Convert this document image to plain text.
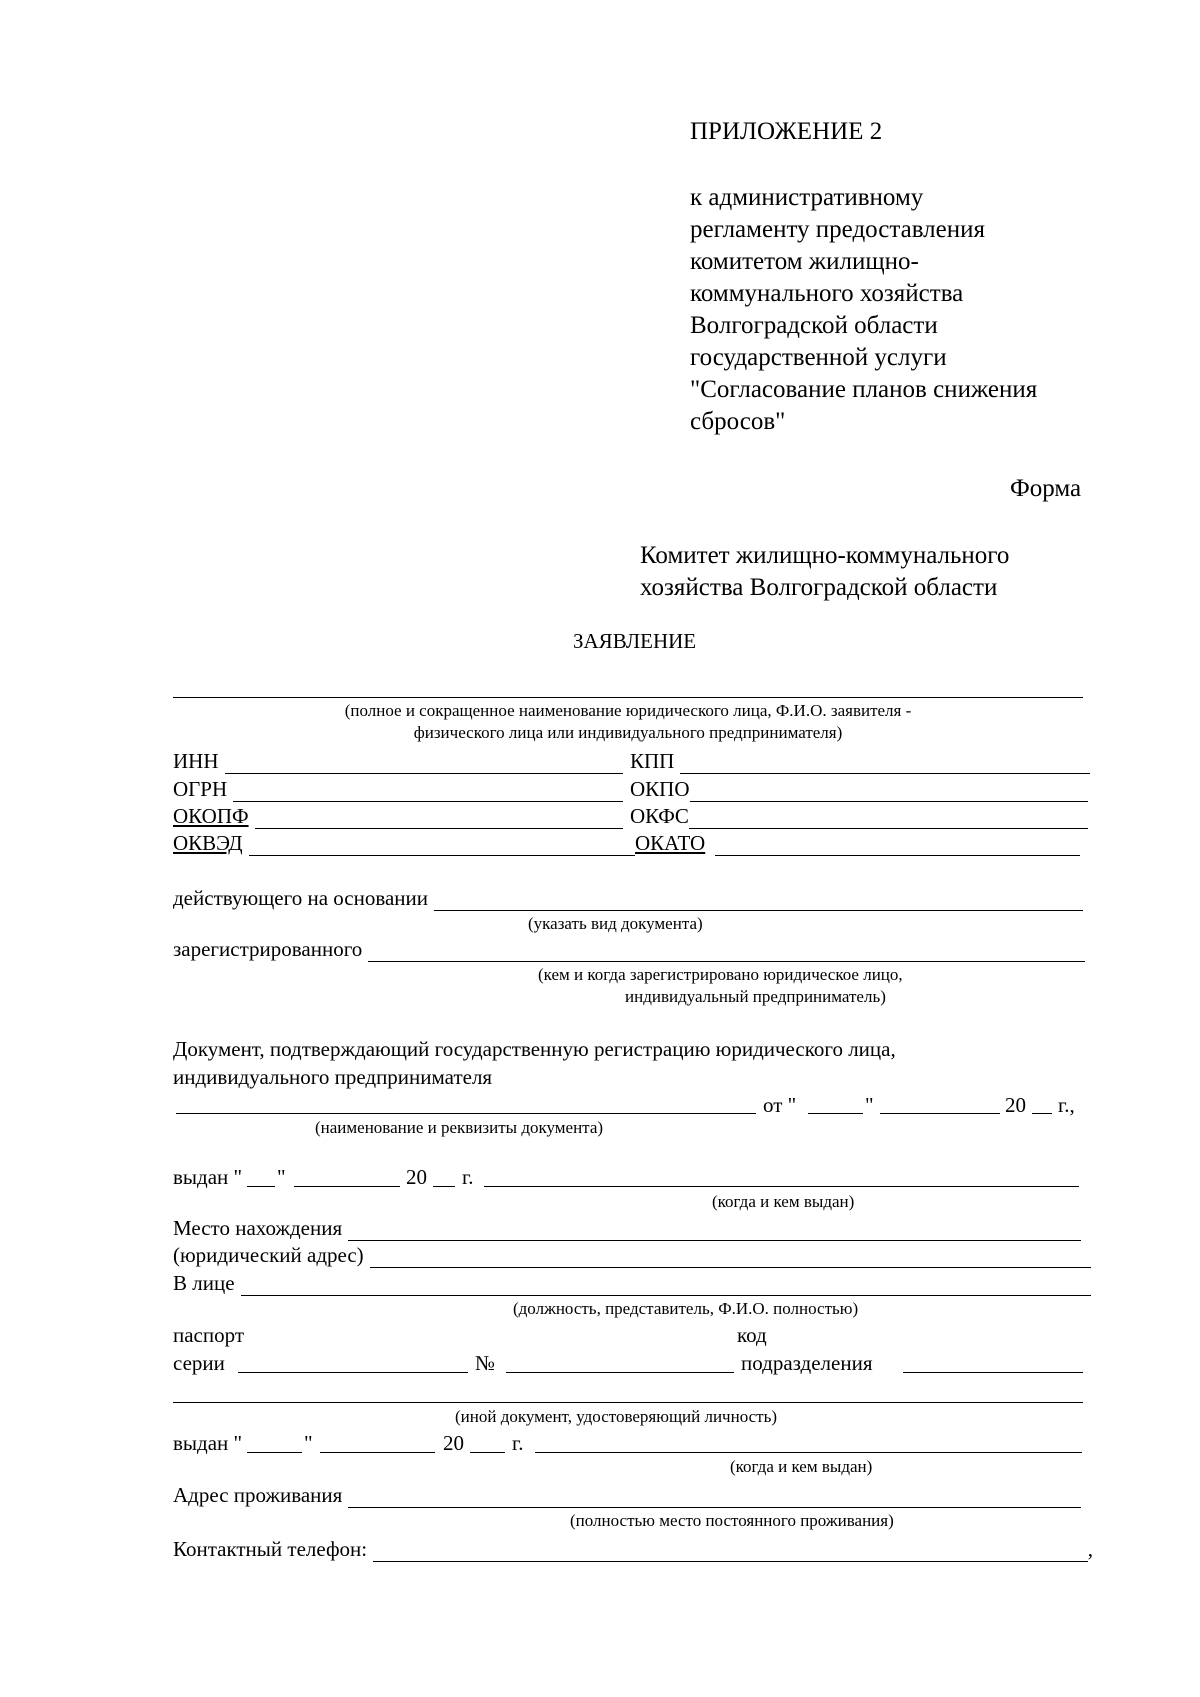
ПРИЛОЖЕНИЕ 2
к административному
регламенту предоставления
комитетом жилищно-
коммунального хозяйства
Волгоградской области
государственной услуги
"Согласование планов снижения
сбросов"
Форма
Комитет жилищно-коммунального
хозяйства Волгоградской области
ЗАЯВЛЕНИЕ
(полное и сокращенное наименование юридического лица, Ф.И.О. заявителя -
физического лица или индивидуального предпринимателя)
ИНН	КПП
ОГРН	ОКПО
ОКОПФ	ОКФС
ОКВЭД	ОКАТО
действующего на основании
(указать вид документа)
зарегистрированного
(кем и когда зарегистрировано юридическое лицо,
индивидуальный предприниматель)
Документ, подтверждающий государственную регистрацию юридического лица,
индивидуального предпринимателя
от "	"	20 г.,
(наименование и реквизиты документа)
выдан " "	20 г.
(когда и кем выдан)
Место нахождения
(юридический адрес)
В лице
(должность, представитель, Ф.И.О. полностью)
паспорт	код
серии	№	подразделения
(иной документ, удостоверяющий личность)
выдан "	"	20 г.
(когда и кем выдан)
Адрес проживания
(полностью место постоянного проживания)
Контактный телефон:	,
